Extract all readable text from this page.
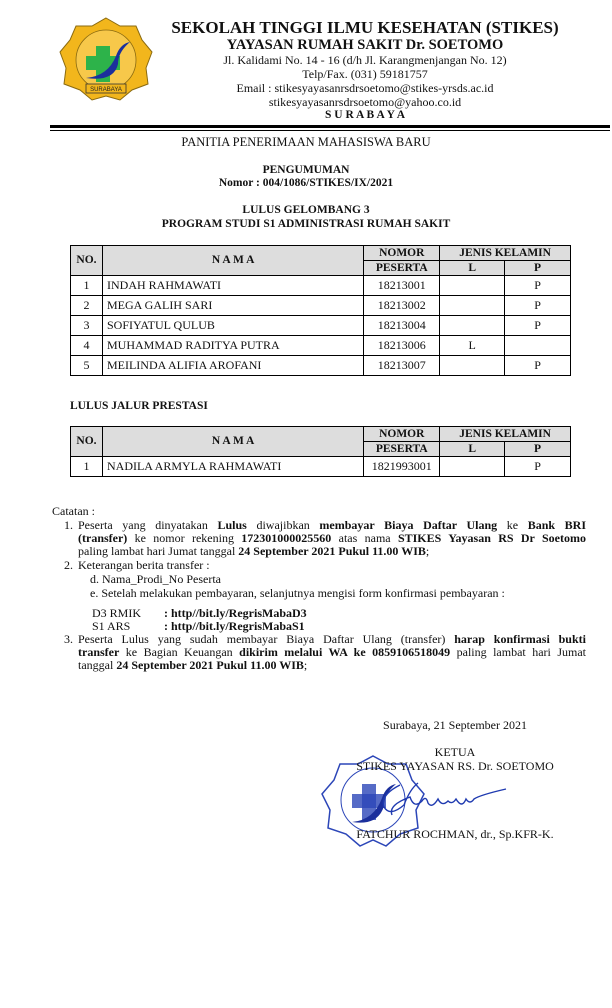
SURABAYA
SEKOLAH TINGGI ILMU KESEHATAN (STIKES)
YAYASAN RUMAH SAKIT Dr. SOETOMO
Jl. Kalidami No. 14 - 16 (d/h Jl. Karangmenjangan No. 12)
Telp/Fax. (031) 59181757
Email : stikesyayasanrsdrsoetomo@stikes-yrsds.ac.id
stikesyayasanrsdrsoetomo@yahoo.co.id
S U R A B A Y A
PANITIA PENERIMAAN MAHASISWA BARU
PENGUMUMAN
Nomor : 004/1086/STIKES/IX/2021
LULUS GELOMBANG 3
PROGRAM STUDI S1 ADMINISTRASI RUMAH SAKIT
NO.	N A M A	NOMOR	JENIS KELAMIN	
		PESERTA	L	P
1	INDAH RAHMAWATI	18213001		P
2	MEGA GALIH SARI	18213002		P
3	SOFIYATUL QULUB	18213004		P
4	MUHAMMAD RADITYA PUTRA	18213006	L	
5	MEILINDA ALIFIA AROFANI	18213007		P
LULUS JALUR PRESTASI
NO.	N A M A	NOMOR	JENIS KELAMIN	
		PESERTA	L	P
1	NADILA ARMYLA RAHMAWATI	1821993001		P
Catatan :
1. Peserta yang dinyatakan Lulus diwajibkan membayar Biaya Daftar Ulang ke Bank BRI
(transfer) ke nomor rekening 172301000025560 atas nama STIKES Yayasan RS Dr Soetomo
paling lambat hari Jumat tanggal 24 September 2021 Pukul 11.00 WIB;
2. Keterangan berita transfer :
d. Nama_Prodi_No Peserta
e. Setelah melakukan pembayaran, selanjutnya mengisi form konfirmasi pembayaran :
D3 RMIK : http//bit.ly/RegrisMabaD3
S1 ARS	: http//bit.ly/RegrisMabaS1
3. Peserta Lulus yang sudah membayar Biaya Daftar Ulang (transfer) harap konfirmasi bukti
transfer ke Bagian Keuangan dikirim melalui WA ke 0859106518049 paling lambat hari Jumat
tanggal 24 September 2021 Pukul 11.00 WIB;
Surabaya, 21 September 2021
KETUA
STIKES YAYASAN RS. Dr. SOETOMO
FATCHUR ROCHMAN, dr., Sp.KFR-K.
